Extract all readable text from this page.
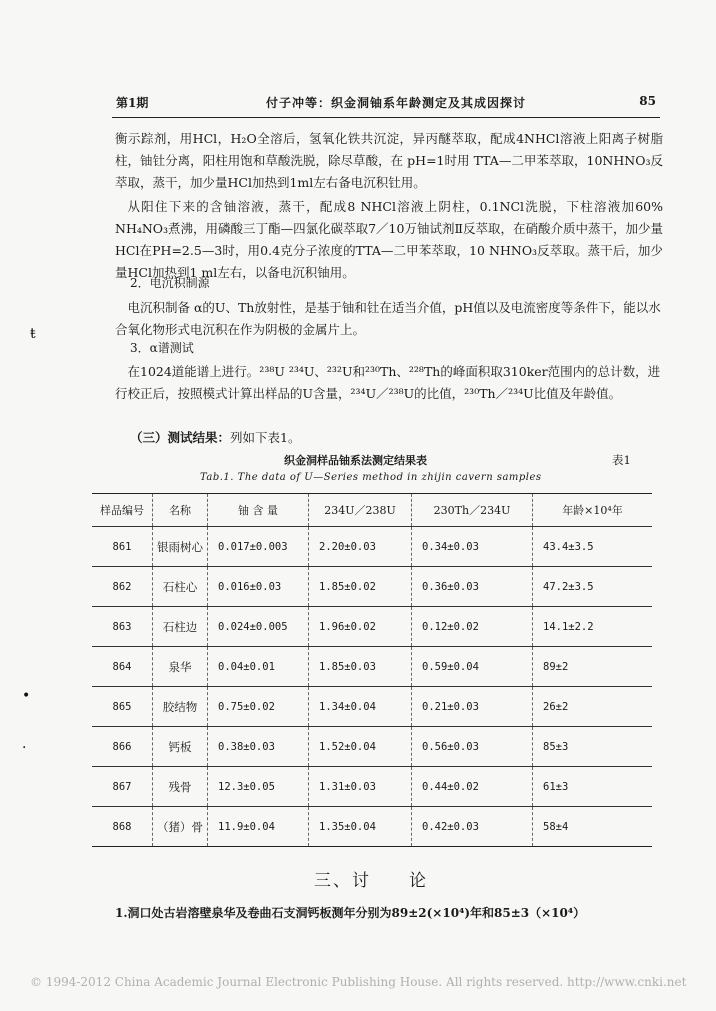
第1期	付子冲等：织金洞铀系年龄测定及其成因探讨	85
衡示踪剂，用HCl，H₂O全溶后，氢氧化铁共沉淀，异丙醚萃取，配成4NHCl溶液上阳离子树脂柱，铀钍分离，阳柱用饱和草酸洗脱，除尽草酸，在 pH=1时用 TTA—二甲苯萃取，10NHNO₃反萃取，蒸干，加少量HCl加热到1ml左右备电沉积钍用。
从阳住下来的含铀溶液，蒸干，配成8 NHCl溶液上阴柱，0.1NCl洗脱，下柱溶液加60% NH₄NO₃煮沸，用磷酸三丁酯—四氯化碳萃取7／10万铀试剂Ⅱ反萃取，在硝酸介质中蒸干，加少量HCl在PH=2.5—3时，用0.4克分子浓度的TTA—二甲苯萃取，10 NHNO₃反萃取。蒸干后，加少量HCl加热到1 ml左右，以备电沉积铀用。
2．电沉积制源
电沉积制备 α的U、Th放射性，是基于铀和钍在适当介值，pH值以及电流密度等条件下，能以水合氧化物形式电沉积在作为阴极的金属片上。
3．α谱测试
在1024道能谱上进行。²³⁸U ²³⁴U、²³²U和²³⁰Th、²²⁸Th的峰面积取310ker范围内的总计数，进行校正后，按照模式计算出样品的U含量，²³⁴U／²³⁸U的比值，²³⁰Th／²³⁴U比值及年龄值。
（三）测试结果：列如下表1。
织金洞样品铀系法测定结果表	表1
Tab.1. The data of U—Series method in zhijin cavern samples
样品编号	名称	铀 含 量	234U／238U	230Th／234U	年龄×10⁴年
861	银雨树心	0.017±0.003	2.20±0.03	0.34±0.03	43.4±3.5
862	石柱心	0.016±0.03	1.85±0.02	0.36±0.03	47.2±3.5
863	石柱边	0.024±0.005	1.96±0.02	0.12±0.02	14.1±2.2
864	泉华	0.04±0.01	1.85±0.03	0.59±0.04	89±2
865	胶结物	0.75±0.02	1.34±0.04	0.21±0.03	26±2
866	钙板	0.38±0.03	1.52±0.04	0.56±0.03	85±3
867	残骨	12.3±0.05	1.31±0.03	0.44±0.02	61±3
868	（猪）骨	11.9±0.04	1.35±0.04	0.42±0.03	58±4
三、讨　　论
1.洞口处古岩溶壁泉华及卷曲石支洞钙板测年分别为89±2(×10⁴)年和85±3（×10⁴）
ŧ
•
·
© 1994-2012 China Academic Journal Electronic Publishing House. All rights reserved. http://www.cnki.net
